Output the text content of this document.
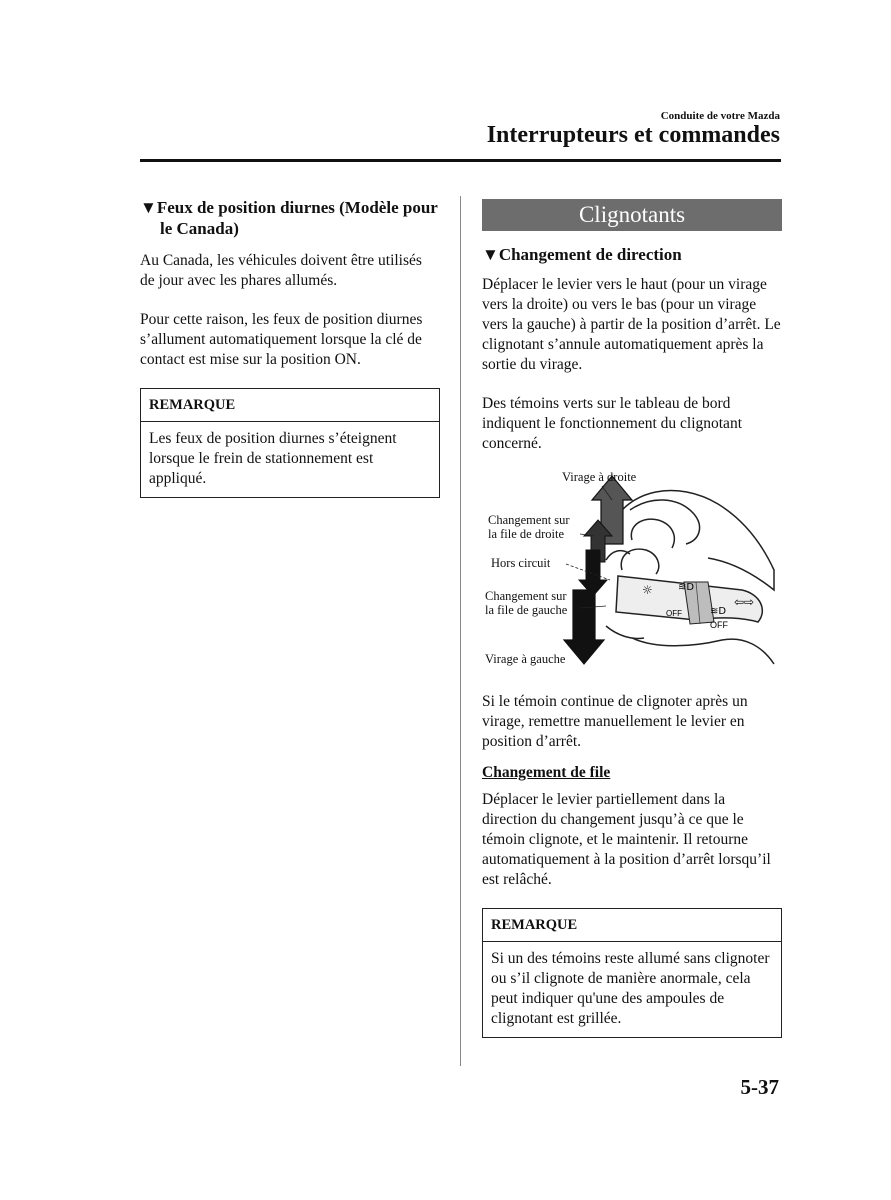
Conduite de votre Mazda
Interrupteurs et commandes

▼Feux de position diurnes (Modèle pour le Canada)

Au Canada, les véhicules doivent être utilisés de jour avec les phares allumés.

Pour cette raison, les feux de position diurnes s’allument automatiquement lorsque la clé de contact est mise sur la position ON.

REMARQUE
Les feux de position diurnes s’éteignent lorsque le frein de stationnement est appliqué.
Clignotants

▼Changement de direction

Déplacer le levier vers le haut (pour un virage vers la droite) ou vers le bas (pour un virage vers la gauche) à partir de la position d’arrêt. Le clignotant s’annule automatiquement après la sortie du virage.

Des témoins verts sur le tableau de bord indiquent le fonctionnement du clignotant concerné.

OFF
OFF
≋D
≋D
☼
⇦⇨
Virage à droite
Changement sur
la file de droite
Hors circuit
Changement sur
la file de gauche
Virage à gauche

Si le témoin continue de clignoter après un virage, remettre manuellement le levier en position d’arrêt.

Changement de file

Déplacer le levier partiellement dans la direction du changement jusqu’à ce que le témoin clignote, et le maintenir. Il retourne automatiquement à la position d’arrêt lorsqu’il est relâché.

REMARQUE
Si un des témoins reste allumé sans clignoter ou s’il clignote de manière anormale, cela peut indiquer qu'une des ampoules de clignotant est grillée.
5-37
